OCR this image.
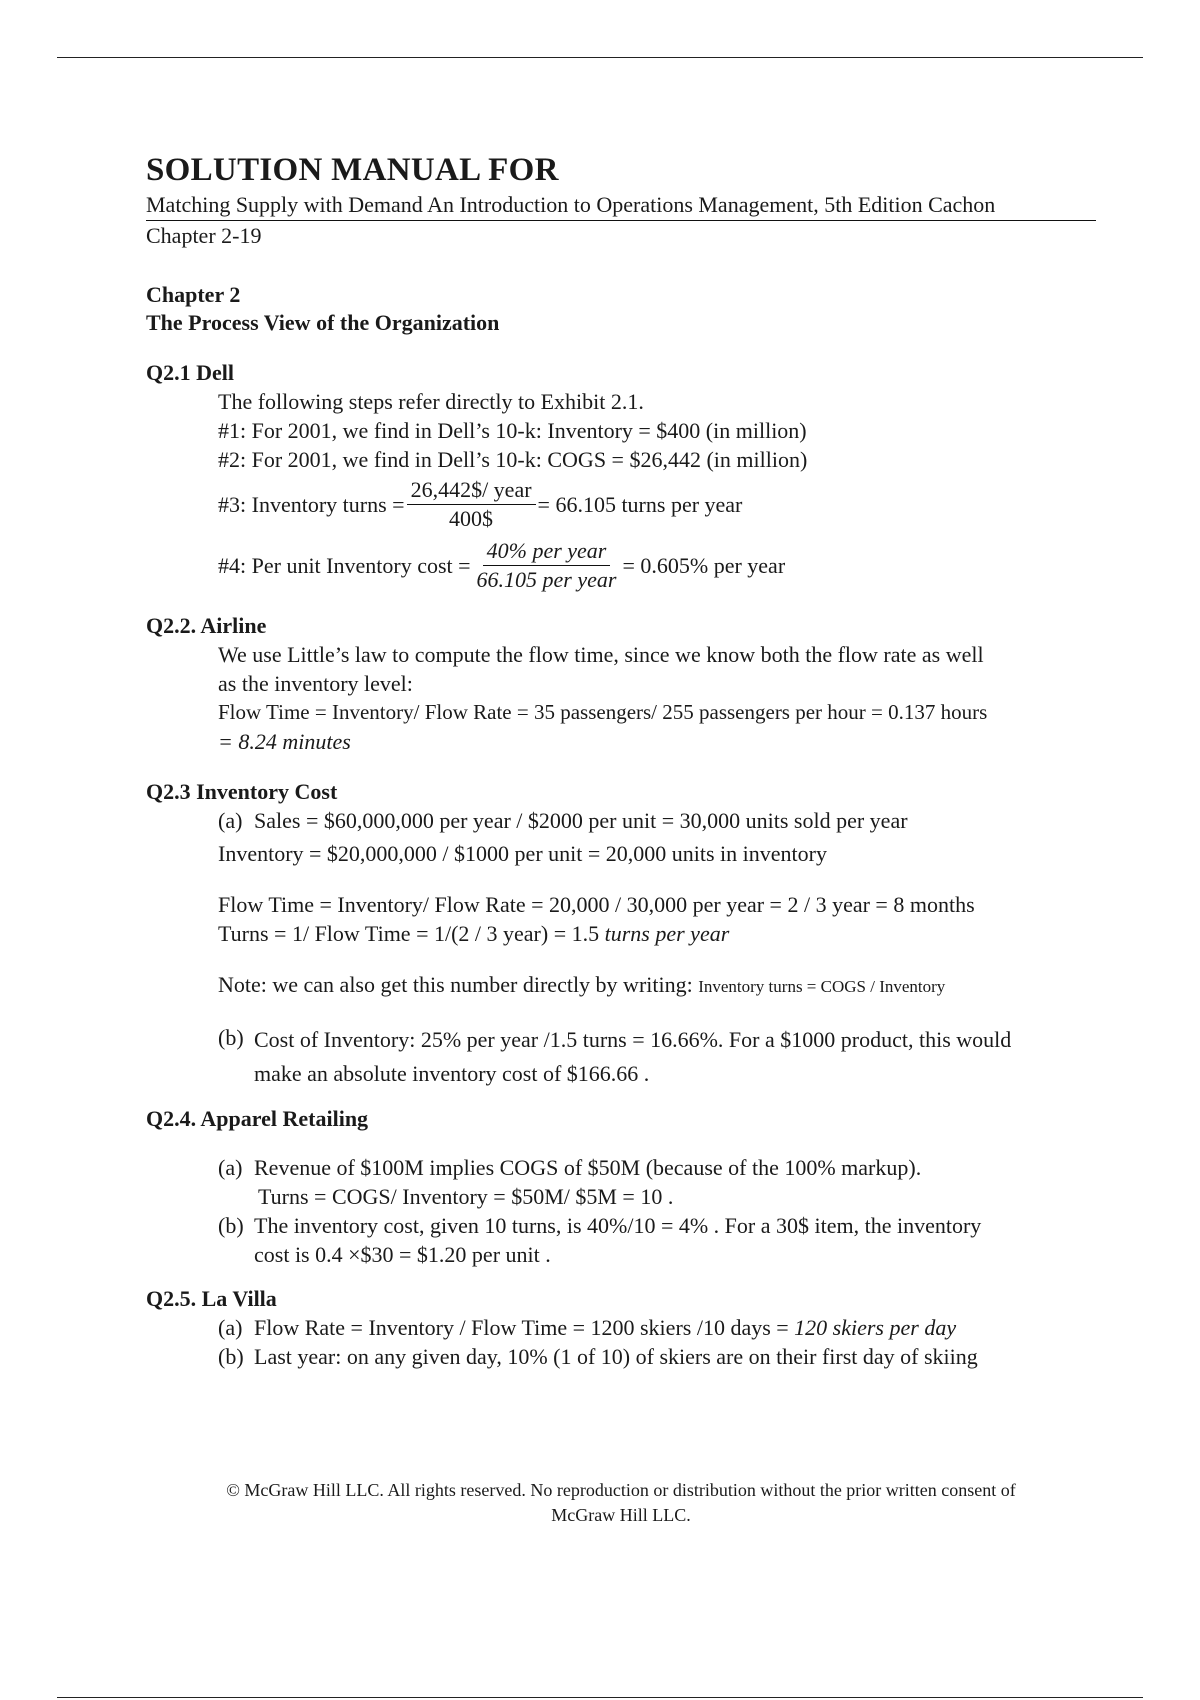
SOLUTION MANUAL FOR
Matching Supply with Demand An Introduction to Operations Management, 5th Edition Cachon
Chapter 2-19
Chapter 2
The Process View of the Organization
Q2.1 Dell
The following steps refer directly to Exhibit 2.1.
#1: For 2001, we find in Dell’s 10-k: Inventory = $400 (in million)
#2: For 2001, we find in Dell’s 10-k: COGS = $26,442 (in million)
#3: Inventory turns = $\frac{\text{26,442\$/ year}}{400\$} = 66.105$ turns per year
#4: Per unit Inventory $\cos t = \frac{\text{40\% per year}}{\text{66.105 per year}} = 0.605\%$ per year
Q2.2. Airline
We use Little’s law to compute the flow time, since we know both the flow rate as well
as the inventory level:
Flow Time = Inventory/ Flow Rate = 35 passengers/ 255 passengers per hour = 0.137 hours
= 8.24 minutes
Q2.3 Inventory Cost
(a) Sales = $60,000,000 per year / $2000 per unit = 30,000 units sold per year
Inventory = $20,000,000 / $1000 per unit = 20,000 units in inventory
Flow Time = Inventory/ Flow Rate = 20,000 / 30,000 per year = 2 / 3 year = 8 months
Turns = 1/ Flow Time = 1/(2 / 3 year) = 1.5 turns per year
Note: we can also get this number directly by writing: Inventory turns = COGS / Inventory
(b) Cost of Inventory: 25% per year /1.5 turns = 16.66%. For a $1000 product, this would
make an absolute inventory cost of $166.66 .
Q2.4. Apparel Retailing
(a) Revenue of $100M implies COGS of $50M (because of the 100% markup).
Turns = COGS/ Inventory = $50M/ $5M = 10 .
(b) The inventory cost, given 10 turns, is 40%/10 = 4% . For a 30$ item, the inventory
cost is 0.4 ×$30 = $1.20 per unit .
Q2.5. La Villa
(a) Flow Rate = Inventory / Flow Time = 1200 skiers /10 days = 120 skiers per day
(b) Last year: on any given day, 10% (1 of 10) of skiers are on their first day of skiing
© McGraw Hill LLC. All rights reserved. No reproduction or distribution without the prior written consent of
McGraw Hill LLC.
